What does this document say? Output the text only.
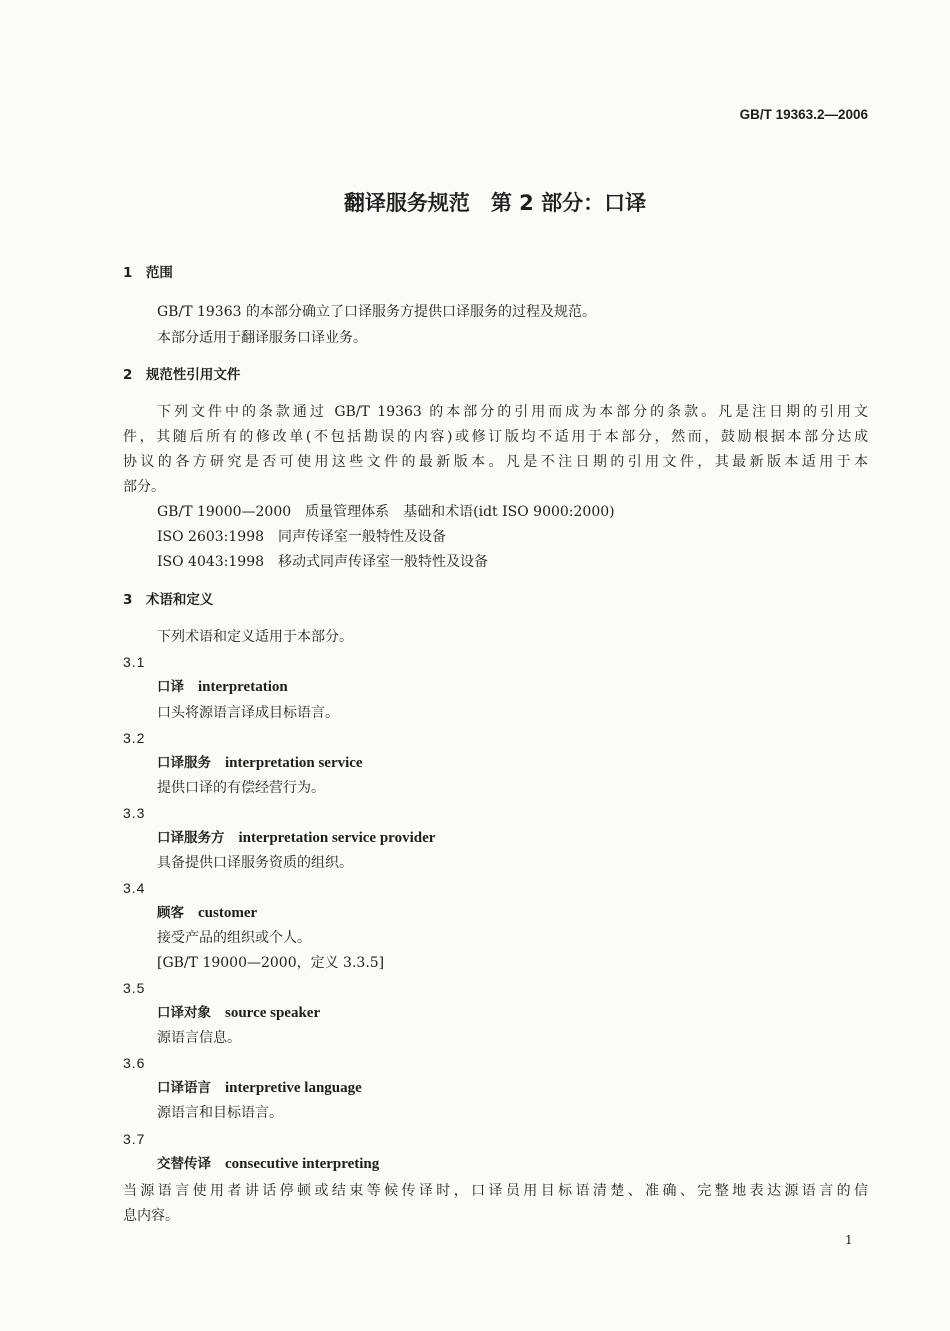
GB/T 19363.2—2006
翻译服务规范　第 2 部分：口译
1　 范围
GB/T 19363 的本部分确立了口译服务方提供口译服务的过程及规范。
本部分适用于翻译服务口译业务。
2　 规范性引用文件
下列文件中的条款通过 GB/T 19363 的本部分的引用而成为本部分的条款。凡是注日期的引用文
件，其随后所有的修改单(不包括勘误的内容)或修订版均不适用于本部分，然而，鼓励根据本部分达成
协议的各方研究是否可使用这些文件的最新版本。凡是不注日期的引用文件，其最新版本适用于本
部分。
GB/T 19000—2000　质量管理体系　基础和术语(idt ISO 9000:2000)
ISO 2603:1998　同声传译室一般特性及设备
ISO 4043:1998　移动式同声传译室一般特性及设备
3　 术语和定义
下列术语和定义适用于本部分。
3.1
口译 interpretation
口头将源语言译成目标语言。
3.2
口译服务 interpretation service
提供口译的有偿经营行为。
3.3
口译服务方 interpretation service provider
具备提供口译服务资质的组织。
3.4
顾客 customer
接受产品的组织或个人。
[GB/T 19000—2000，定义 3.3.5]
3.5
口译对象 source speaker
源语言信息。
3.6
口译语言 interpretive language
源语言和目标语言。
3.7
交替传译 consecutive interpreting
当源语言使用者讲话停顿或结束等候传译时，口译员用目标语清楚、准确、完整地表达源语言的信
息内容。
1
